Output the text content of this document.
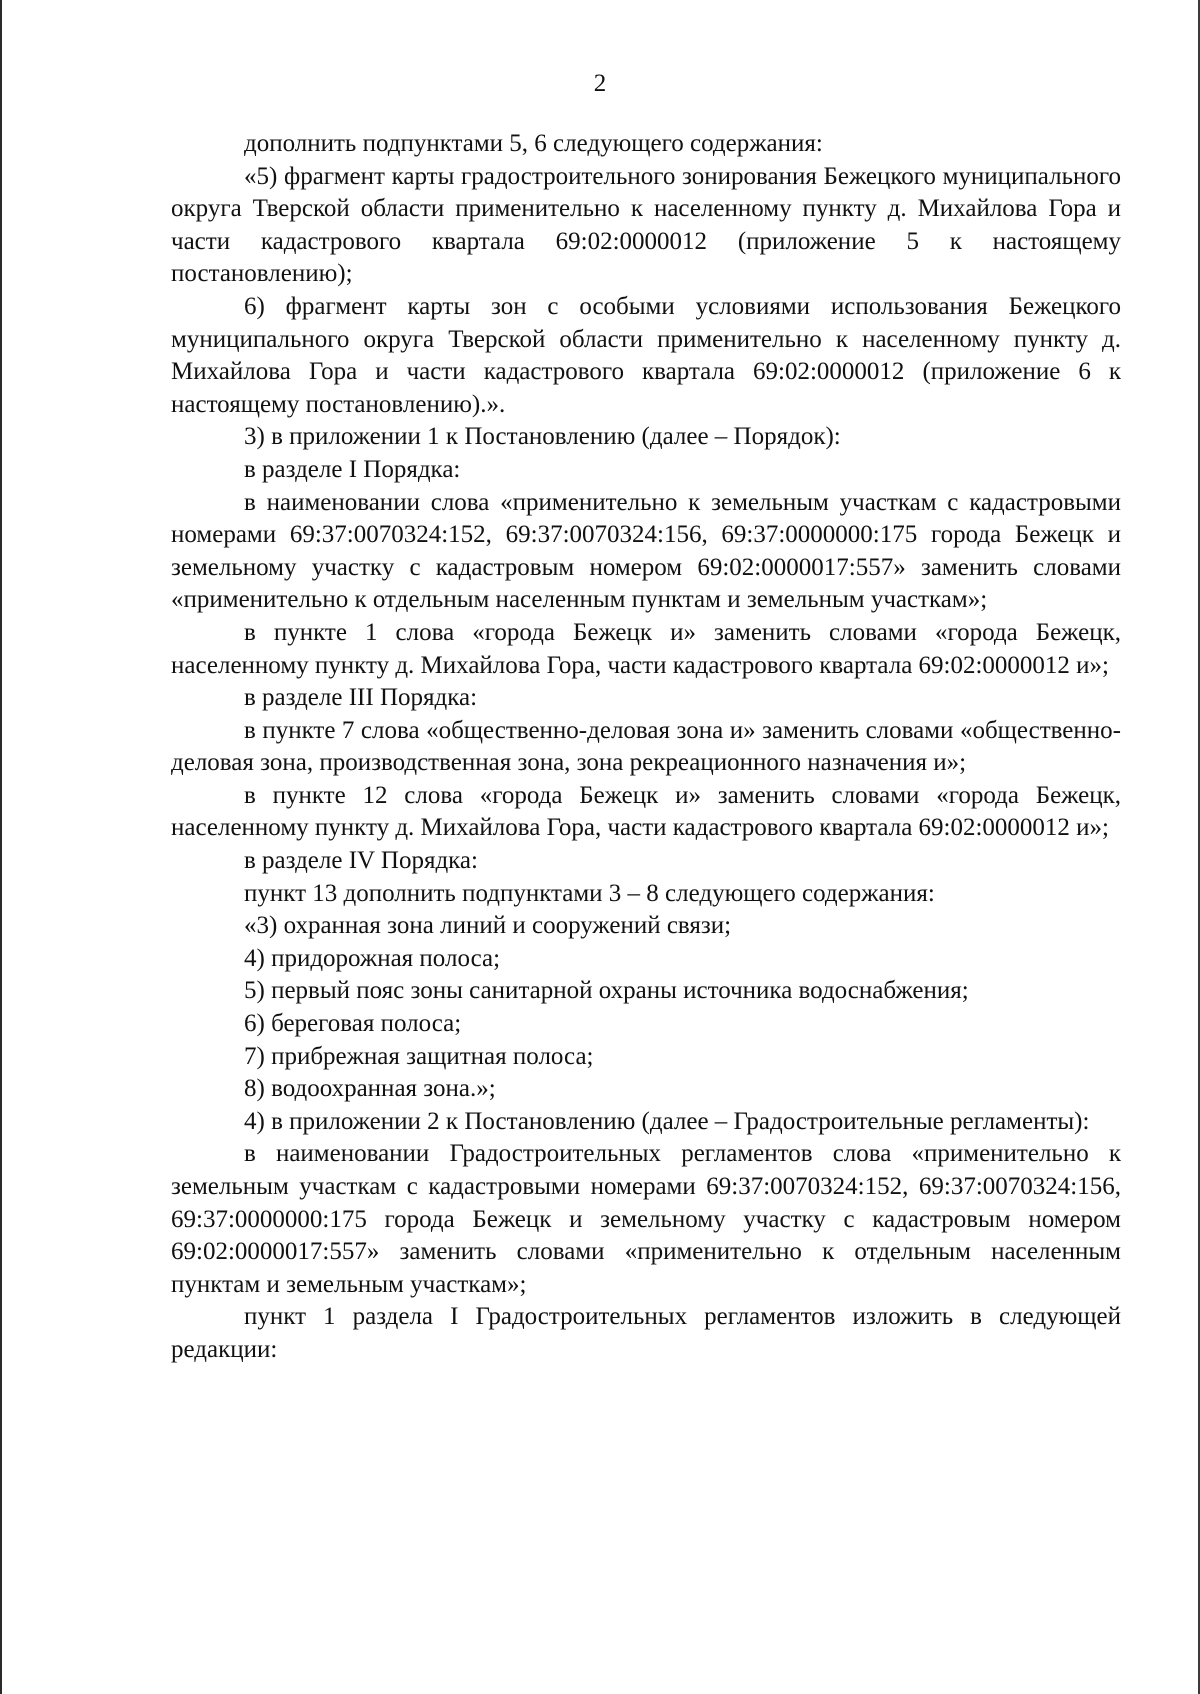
2

дополнить подпунктами 5, 6 следующего содержания:

«5) фрагмент карты градостроительного зонирования Бежецкого муниципального округа Тверской области применительно к населенному пункту д. Михайлова Гора и части кадастрового квартала 69:02:0000012 (приложение 5 к настоящему постановлению);

6) фрагмент карты зон с особыми условиями использования Бежецкого муниципального округа Тверской области применительно к населенному пункту д. Михайлова Гора и части кадастрового квартала 69:02:0000012 (приложение 6 к настоящему постановлению).».

3) в приложении 1 к Постановлению (далее – Порядок):

в разделе I Порядка:

в наименовании слова «применительно к земельным участкам с кадастровыми номерами 69:37:0070324:152, 69:37:0070324:156, 69:37:0000000:175 города Бежецк и земельному участку с кадастровым номером 69:02:0000017:557» заменить словами «применительно к отдельным населенным пунктам и земельным участкам»;

в пункте 1 слова «города Бежецк и» заменить словами «города Бежецк, населенному пункту д. Михайлова Гора, части кадастрового квартала 69:02:0000012 и»;

в разделе III Порядка:

в пункте 7 слова «общественно-деловая зона и» заменить словами «общественно-деловая зона, производственная зона, зона рекреационного назначения и»;

в пункте 12 слова «города Бежецк и» заменить словами «города Бежецк, населенному пункту д. Михайлова Гора, части кадастрового квартала 69:02:0000012 и»;

в разделе IV Порядка:

пункт 13 дополнить подпунктами 3 – 8 следующего содержания:

«3) охранная зона линий и сооружений связи;

4) придорожная полоса;

5) первый пояс зоны санитарной охраны источника водоснабжения;

6) береговая полоса;

7) прибрежная защитная полоса;

8) водоохранная зона.»;

4) в приложении 2 к Постановлению (далее – Градостроительные регламенты):

в наименовании Градостроительных регламентов слова «применительно к земельным участкам с кадастровыми номерами 69:37:0070324:152, 69:37:0070324:156, 69:37:0000000:175 города Бежецк и земельному участку с кадастровым номером 69:02:0000017:557» заменить словами «применительно к отдельным населенным пунктам и земельным участкам»;

пункт 1 раздела I Градостроительных регламентов изложить в следующей редакции:
